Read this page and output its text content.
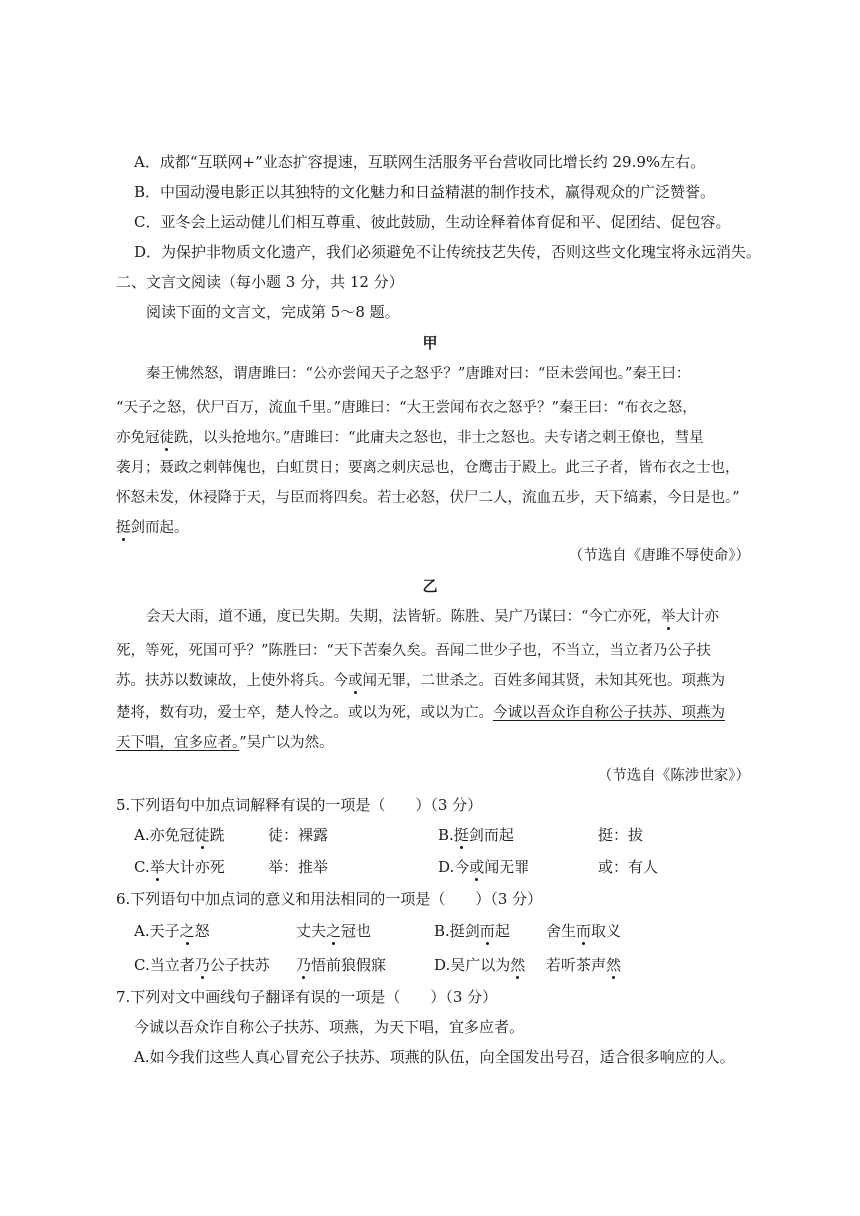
A．成都“互联网+”业态扩容提速，互联网生活服务平台营收同比增长约 29.9%左右。
B．中国动漫电影正以其独特的文化魅力和日益精湛的制作技术，赢得观众的广泛赞誉。
C．亚冬会上运动健儿们相互尊重、彼此鼓励，生动诠释着体育促和平、促团结、促包容。
D．为保护非物质文化遗产，我们必须避免不让传统技艺失传，否则这些文化瑰宝将永远消失。
二、文言文阅读（每小题 3 分，共 12 分）
阅读下面的文言文，完成第 5～8 题。
甲
秦王怫然怒，谓唐雎曰：“公亦尝闻天子之怒乎？”唐雎对曰：“臣未尝闻也。”秦王曰：
“天子之怒，伏尸百万，流血千里。”唐雎曰：“大王尝闻布衣之怒乎？”秦王曰：“布衣之怒，
亦免冠徒跣，以头抢地尔。”唐雎曰：“此庸夫之怒也，非士之怒也。夫专诸之刺王僚也，彗星
袭月；聂政之刺韩傀也，白虹贯日；要离之刺庆忌也，仓鹰击于殿上。此三子者，皆布衣之士也，
怀怒未发，休祲降于天，与臣而将四矣。若士必怒，伏尸二人，流血五步，天下缟素，今日是也。”
挺剑而起。
（节选自《唐雎不辱使命》）
乙
会天大雨，道不通，度已失期。失期，法皆斩。陈胜、吴广乃谋曰：“今亡亦死，举大计亦
死，等死，死国可乎？”陈胜曰：“天下苦秦久矣。吾闻二世少子也，不当立，当立者乃公子扶
苏。扶苏以数谏故，上使外将兵。今或闻无罪，二世杀之。百姓多闻其贤，未知其死也。项燕为
楚将，数有功，爱士卒，楚人怜之。或以为死，或以为亡。今诚以吾众诈自称公子扶苏、项燕为
天下唱，宜多应者。”吴广以为然。
（节选自《陈涉世家》）
5.下列语句中加点词解释有误的一项是（　　）（3 分）
A.亦免冠徒跣	徒：裸露	B.挺剑而起	挺：拔
C.举大计亦死	举：推举	D.今或闻无罪	或：有人
6.下列语句中加点词的意义和用法相同的一项是（　　）（3 分）
A.天子之怒	丈夫之冠也	B.挺剑而起 舍生而取义
C.当立者乃公子扶苏 乃悟前狼假寐	D.吴广以为然 若听茶声然
7.下列对文中画线句子翻译有误的一项是（　　）（3 分）
今诚以吾众诈自称公子扶苏、项燕，为天下唱，宜多应者。
A.如今我们这些人真心冒充公子扶苏、项燕的队伍，向全国发出号召，适合很多响应的人。
